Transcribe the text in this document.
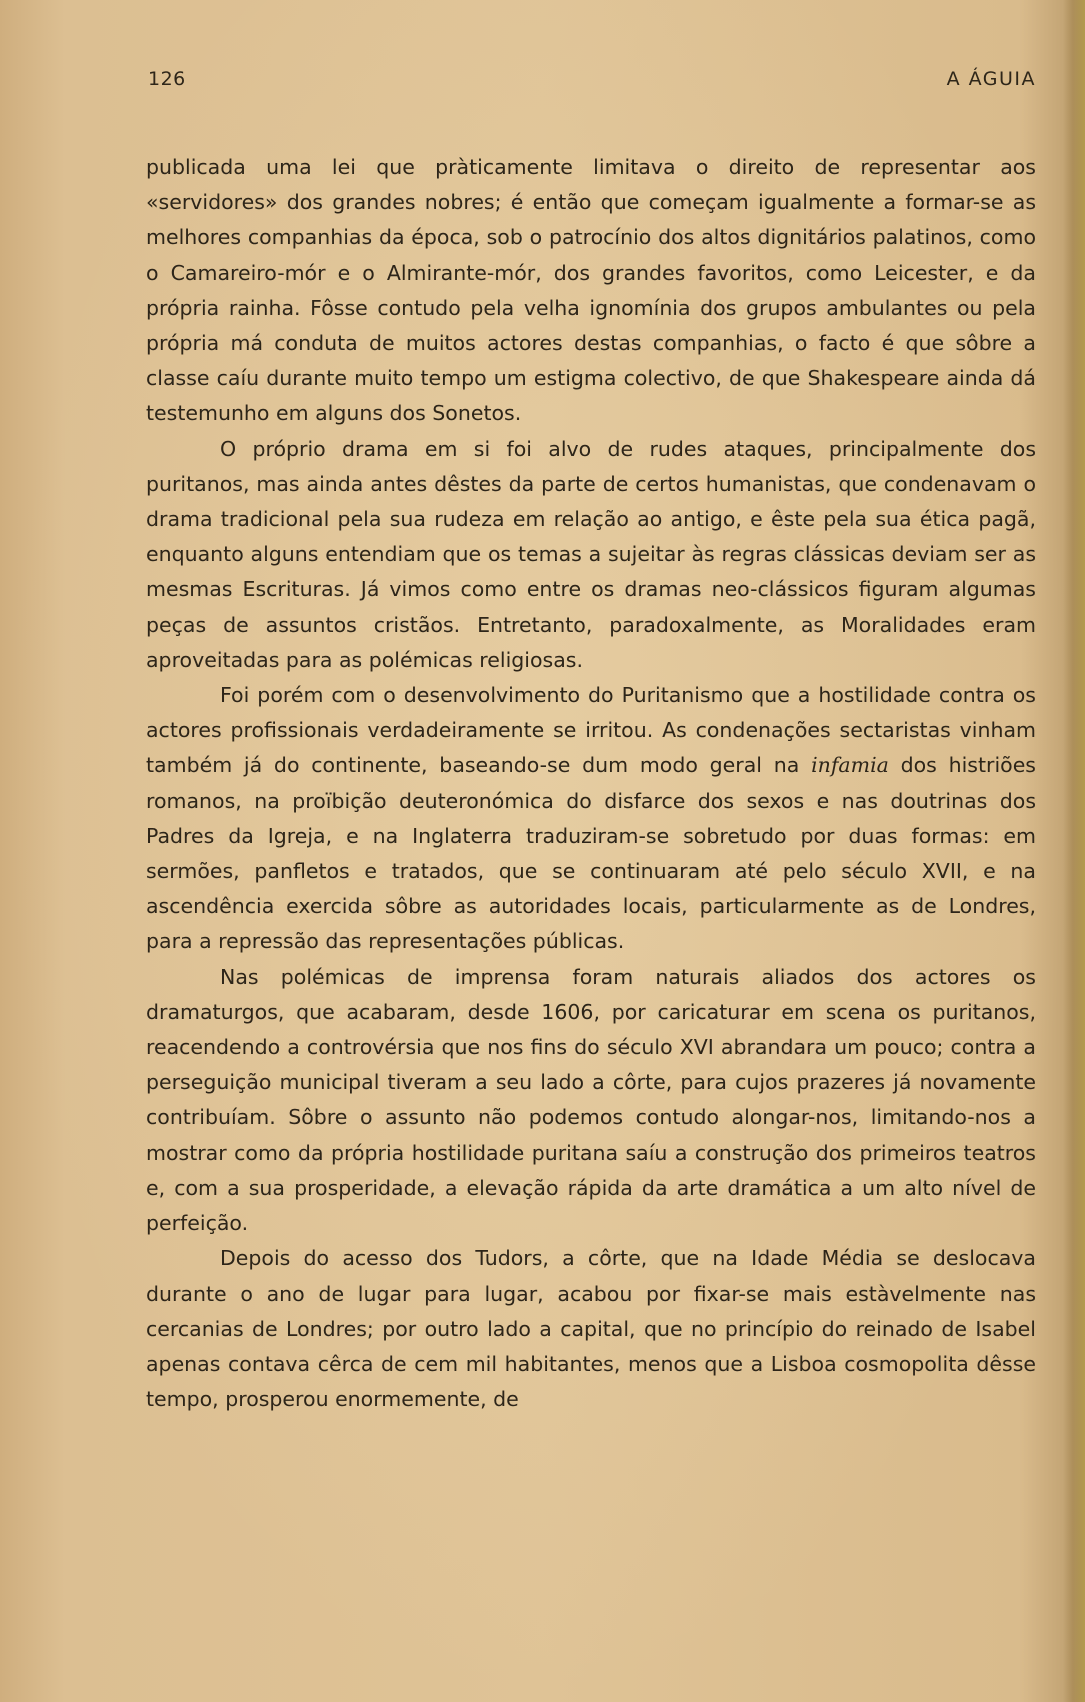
126	A ÁGUIA

publicada uma lei que pràticamente limitava o direito de representar aos «servidores» dos grandes nobres; é então que começam igualmente a formar-se as melhores companhias da época, sob o patrocínio dos altos dignitários palatinos, como o Camareiro-mór e o Almirante-mór, dos grandes favoritos, como Leicester, e da própria rainha. Fôsse contudo pela velha ignomínia dos grupos ambulantes ou pela própria má conduta de muitos actores destas companhias, o facto é que sôbre a classe caíu durante muito tempo um estigma colectivo, de que Shakespeare ainda dá testemunho em alguns dos Sonetos.

O próprio drama em si foi alvo de rudes ataques, principalmente dos puritanos, mas ainda antes dêstes da parte de certos humanistas, que condenavam o drama tradicional pela sua rudeza em relação ao antigo, e êste pela sua ética pagã, enquanto alguns entendiam que os temas a sujeitar às regras clássicas deviam ser as mesmas Escrituras. Já vimos como entre os dramas neo-clássicos figuram algumas peças de assuntos cristãos. Entretanto, paradoxalmente, as Moralidades eram aproveitadas para as polémicas religiosas.

Foi porém com o desenvolvimento do Puritanismo que a hostilidade contra os actores profissionais verdadeiramente se irritou. As condenações sectaristas vinham também já do continente, baseando-se dum modo geral na infamia dos histriões romanos, na proïbição deuteronómica do disfarce dos sexos e nas doutrinas dos Padres da Igreja, e na Inglaterra traduziram-se sobretudo por duas formas: em sermões, panfletos e tratados, que se continuaram até pelo século XVII, e na ascendência exercida sôbre as autoridades locais, particularmente as de Londres, para a repressão das representações públicas.

Nas polémicas de imprensa foram naturais aliados dos actores os dramaturgos, que acabaram, desde 1606, por caricaturar em scena os puritanos, reacendendo a controvérsia que nos fins do século XVI abrandara um pouco; contra a perseguição municipal tiveram a seu lado a côrte, para cujos prazeres já novamente contribuíam. Sôbre o assunto não podemos contudo alongar-nos, limitando-nos a mostrar como da própria hostilidade puritana saíu a construção dos primeiros teatros e, com a sua prosperidade, a elevação rápida da arte dramática a um alto nível de perfeição.

Depois do acesso dos Tudors, a côrte, que na Idade Média se deslocava durante o ano de lugar para lugar, acabou por fixar-se mais estàvelmente nas cercanias de Londres; por outro lado a capital, que no princípio do reinado de Isabel apenas contava cêrca de cem mil habitantes, menos que a Lisboa cosmopolita dêsse tempo, prosperou enormemente, de
